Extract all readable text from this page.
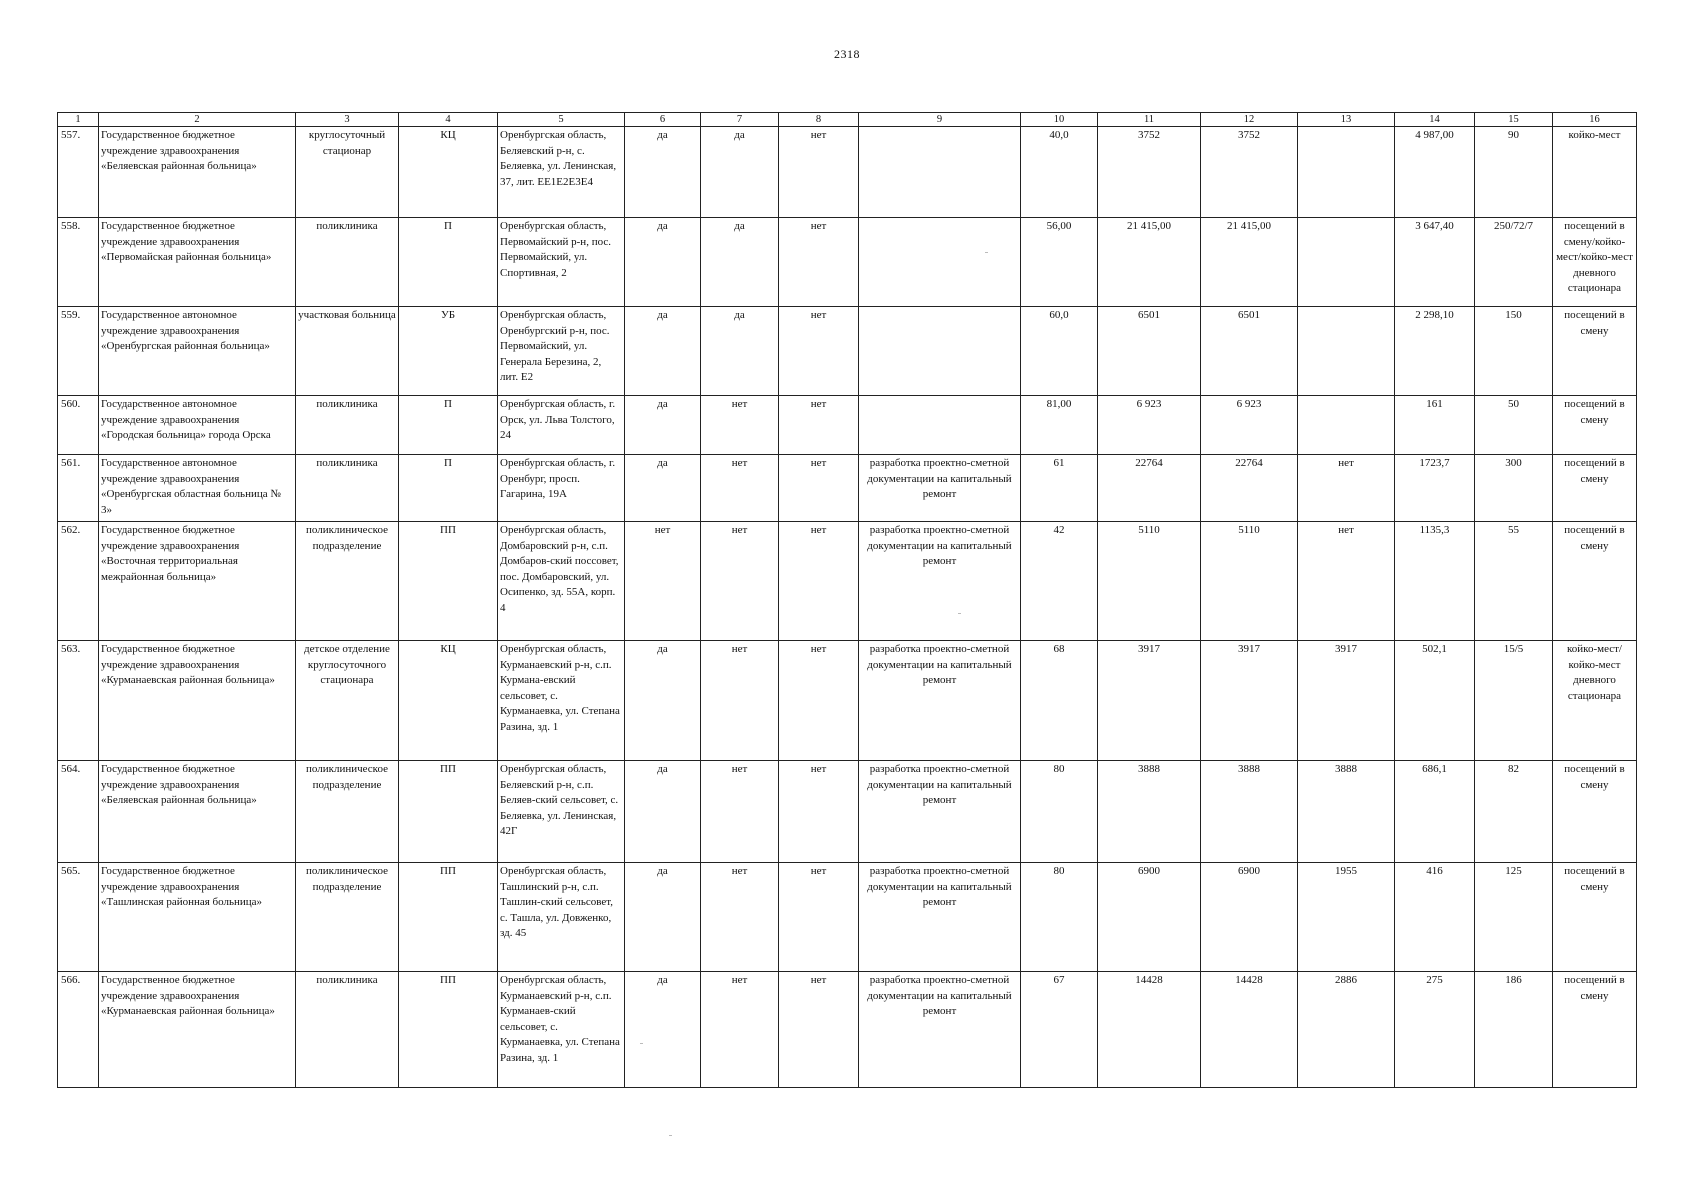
2318
1	2	3	4	5	6	7	8	9	10	11	12	13	14	15	16
557.	Государственное бюджетное учреждение здравоохранения «Беляевская районная больница»	круглосуточный стационар	КЦ	Оренбургская область, Беляевский р-н, с. Беляевка, ул. Ленинская, 37, лит. ЕЕ1Е2Е3Е4	да	да	нет		40,0	3752	3752		4 987,00	90	койко-мест
558.	Государственное бюджетное учреждение здравоохранения «Первомайская районная больница»	поликлиника	П	Оренбургская область, Первомайский р-н, пос. Первомайский, ул. Спортивная, 2	да	да	нет		56,00	21 415,00	21 415,00		3 647,40	250/72/7	посещений в смену/койко-мест/койко-мест дневного стационара
559.	Государственное автономное учреждение здравоохранения «Оренбургская районная больница»	участковая больница	УБ	Оренбургская область, Оренбургский р-н, пос. Первомайский, ул. Генерала Березина, 2, лит. Е2	да	да	нет		60,0	6501	6501		2 298,10	150	посещений в смену
560.	Государственное автономное учреждение здравоохранения «Городская больница» города Орска	поликлиника	П	Оренбургская область, г. Орск, ул. Льва Толстого, 24	да	нет	нет		81,00	6 923	6 923		161	50	посещений в смену
561.	Государственное автономное учреждение здравоохранения «Оренбургская областная больница № 3»	поликлиника	П	Оренбургская область, г. Оренбург, просп. Гагарина, 19А	да	нет	нет	разработка проектно-сметной документации на капитальный ремонт	61	22764	22764	нет	1723,7	300	посещений в смену
562.	Государственное бюджетное учреждение здравоохранения «Восточная территориальная межрайонная больница»	поликлиническое подразделение	ПП	Оренбургская область, Домбаровский р-н, с.п. Домбаров-ский поссовет, пос. Домбаровский, ул. Осипенко, зд. 55А, корп. 4	нет	нет	нет	разработка проектно-сметной документации на капитальный ремонт	42	5110	5110	нет	1135,3	55	посещений в смену
563.	Государственное бюджетное учреждение здравоохранения «Курманаевская районная больница»	детское отделение круглосуточного стационара	КЦ	Оренбургская область, Курманаевский р-н, с.п. Курмана-евский сельсовет, с. Курманаевка, ул. Степана Разина, зд. 1	да	нет	нет	разработка проектно-сметной документации на капитальный ремонт	68	3917	3917	3917	502,1	15/5	койко-мест/койко-мест дневного стационара
564.	Государственное бюджетное учреждение здравоохранения «Беляевская районная больница»	поликлиническое подразделение	ПП	Оренбургская область, Беляевский р-н, с.п. Беляев-ский сельсовет, с. Беляевка, ул. Ленинская, 42Г	да	нет	нет	разработка проектно-сметной документации на капитальный ремонт	80	3888	3888	3888	686,1	82	посещений в смену
565.	Государственное бюджетное учреждение здравоохранения «Ташлинская районная больница»	поликлиническое подразделение	ПП	Оренбургская область, Ташлинский р-н, с.п. Ташлин-ский сельсовет, с. Ташла, ул. Довженко, зд. 45	да	нет	нет	разработка проектно-сметной документации на капитальный ремонт	80	6900	6900	1955	416	125	посещений в смену
566.	Государственное бюджетное учреждение здравоохранения «Курманаевская районная больница»	поликлиника	ПП	Оренбургская область, Курманаевский р-н, с.п. Курманаев-ский сельсовет, с. Курманаевка, ул. Степана Разина, зд. 1	да	нет	нет	разработка проектно-сметной документации на капитальный ремонт	67	14428	14428	2886	275	186	посещений в смену
